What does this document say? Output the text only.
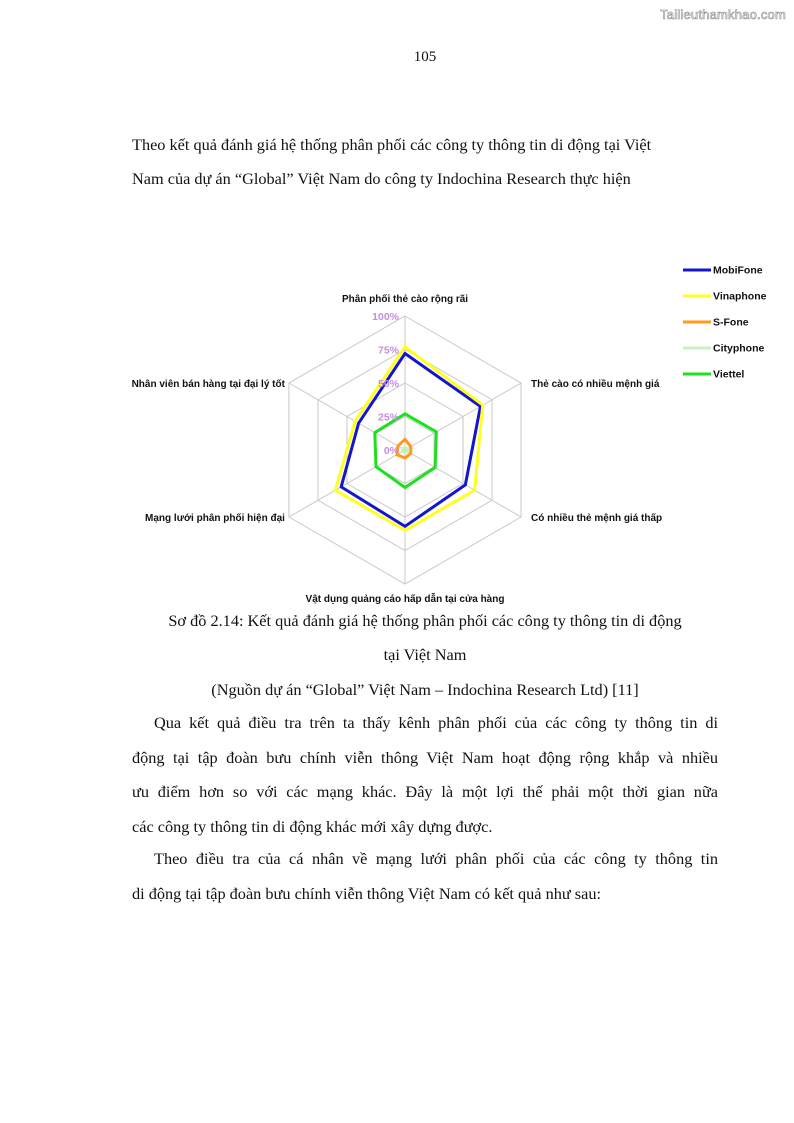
Tailieuthamkhao.com
105
Theo kết quả đánh giá hệ thống phân phối các công ty thông tin di động tại Việt
Nam của dự án “Global” Việt Nam do công ty Indochina Research thực hiện
0%
25%
50%
75%
100%
Phân phối thẻ cào rộng rãi
Thẻ cào có nhiều mệnh giá
Có nhiều thẻ mệnh giá thấp
Vật dụng quảng cáo hấp dẫn tại cửa hàng
Mạng lưới phân phối hiện đại
Nhân viên bán hàng tại đại lý tốt
MobiFone
Vinaphone
S-Fone
Cityphone
Viettel
Sơ đồ 2.14: Kết quả đánh giá hệ thống phân phối các công ty thông tin di động
tại Việt Nam
(Nguồn dự án “Global” Việt Nam – Indochina Research Ltd) [11]
Qua kết quả điều tra trên ta thấy kênh phân phối của các công ty thông tin di
động tại tập đoàn bưu chính viễn thông Việt Nam hoạt động rộng khắp và nhiều
ưu điểm hơn so với các mạng khác. Đây là một lợi thế phải một thời gian nữa
các công ty thông tin di động khác mới xây dựng được.
Theo điều tra của cá nhân về mạng lưới phân phối của các công ty thông tin
di động tại tập đoàn bưu chính viễn thông Việt Nam có kết quả như sau:
